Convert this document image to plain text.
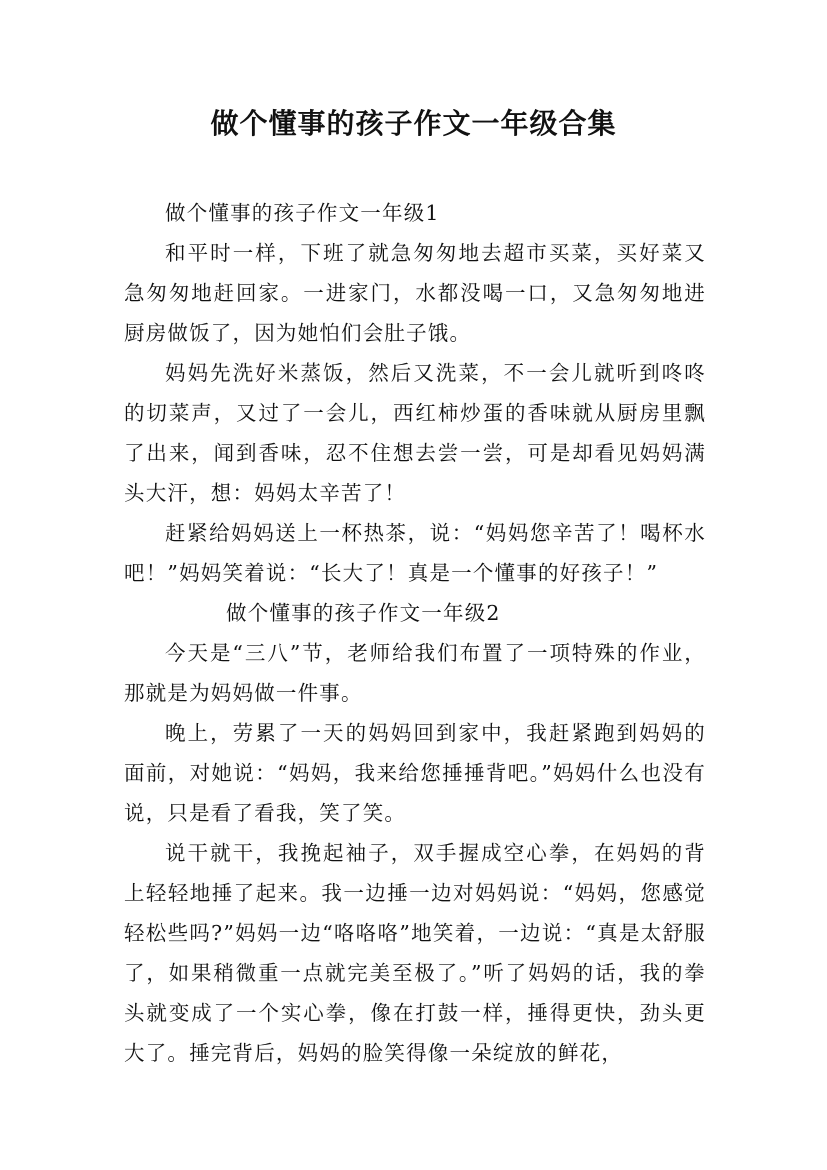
做个懂事的孩子作文一年级合集

做个懂事的孩子作文一年级1

和平时一样，下班了就急匆匆地去超市买菜，买好菜又急匆匆地赶回家。一进家门，水都没喝一口，又急匆匆地进厨房做饭了，因为她怕们会肚子饿。

妈妈先洗好米蒸饭，然后又洗菜，不一会儿就听到咚咚的切菜声，又过了一会儿，西红柿炒蛋的香味就从厨房里飘了出来，闻到香味，忍不住想去尝一尝，可是却看见妈妈满头大汗，想：妈妈太辛苦了！

赶紧给妈妈送上一杯热茶，说：“妈妈您辛苦了！喝杯水吧！”妈妈笑着说：“长大了！真是一个懂事的好孩子！”

做个懂事的孩子作文一年级2

今天是“三八”节，老师给我们布置了一项特殊的作业，那就是为妈妈做一件事。

晚上，劳累了一天的妈妈回到家中，我赶紧跑到妈妈的面前，对她说：“妈妈，我来给您捶捶背吧。”妈妈什么也没有说，只是看了看我，笑了笑。

说干就干，我挽起袖子，双手握成空心拳，在妈妈的背上轻轻地捶了起来。我一边捶一边对妈妈说：“妈妈，您感觉轻松些吗?”妈妈一边“咯咯咯”地笑着，一边说：“真是太舒服了，如果稍微重一点就完美至极了。”听了妈妈的话，我的拳头就变成了一个实心拳，像在打鼓一样，捶得更快，劲头更大了。捶完背后，妈妈的脸笑得像一朵绽放的鲜花，
